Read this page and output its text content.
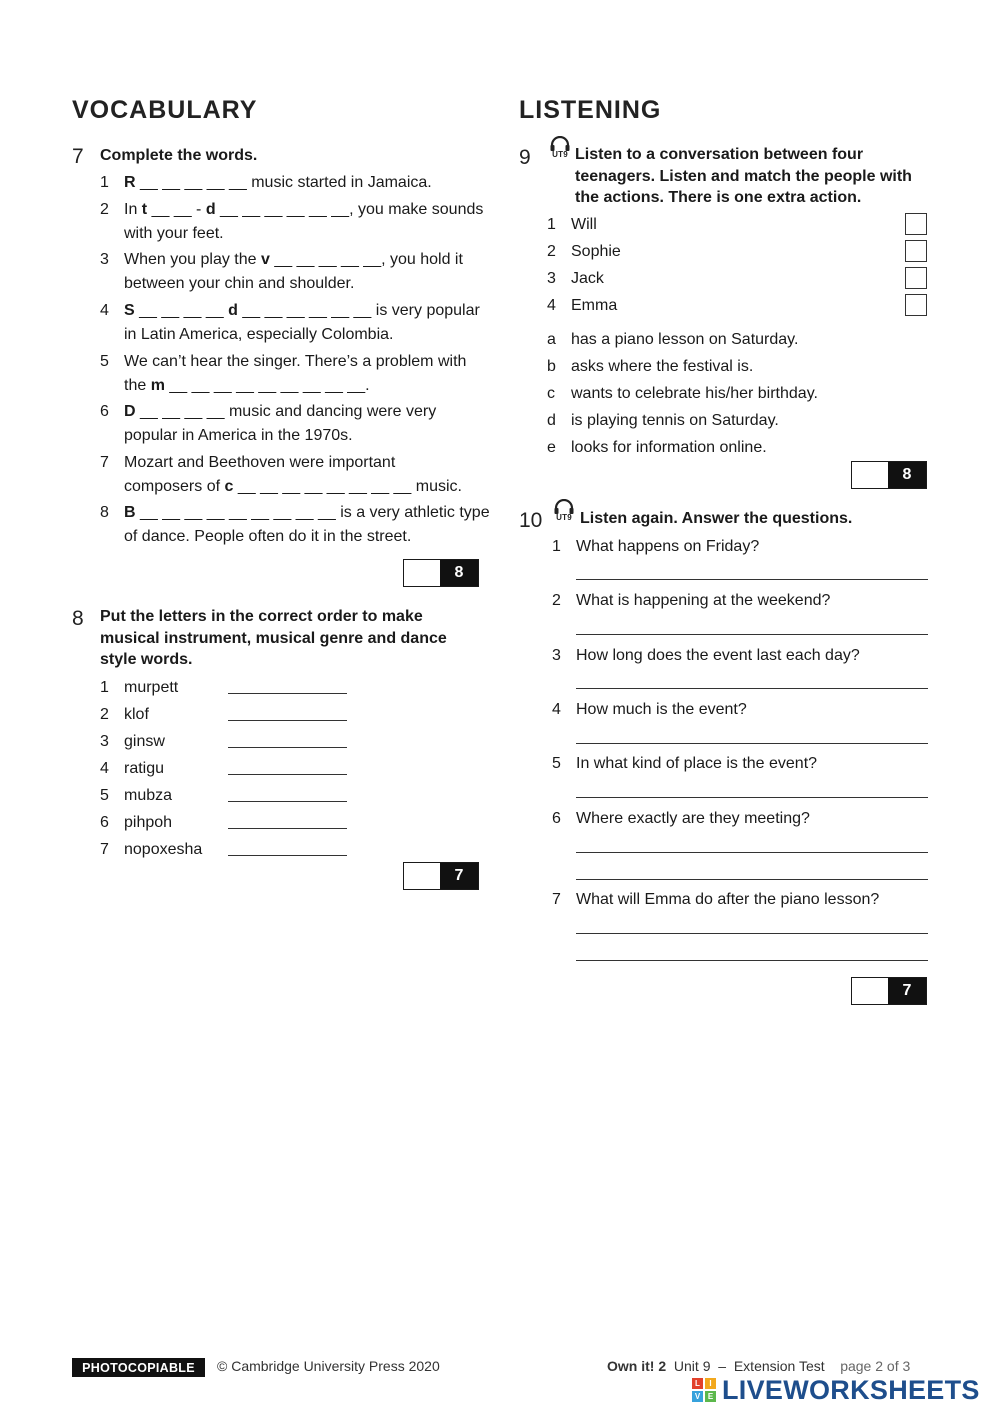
VOCABULARY
7 Complete the words.
1 R __ __ __ __ __ music started in Jamaica.
2 In t __ __ - d __ __ __ __ __ __, you make sounds
with your feet.
3 When you play the v __ __ __ __ __, you hold it
between your chin and shoulder.
4 S __ __ __ __ d __ __ __ __ __ __ is very popular
in Latin America, especially Colombia.
5 We can’t hear the singer. There’s a problem with
the m __ __ __ __ __ __ __ __ __.
6 D __ __ __ __ music and dancing were very
popular in America in the 1970s.
7 Mozart and Beethoven were important
composers of c __ __ __ __ __ __ __ __ music.
8 B __ __ __ __ __ __ __ __ __ is a very athletic type
of dance. People often do it in the street.
8
8 Put the letters in the correct order to make
musical instrument, musical genre and dance
style words.
1 murpett
2 klof
3 ginsw
4 ratigu
5 mubza
6 pihpoh
7 nopoxesha
7
LISTENING
9	UT9 Listen to a conversation between four
teenagers. Listen and match the people with
the actions. There is one extra action.
1 Will
2 Sophie
3 Jack
4 Emma
a has a piano lesson on Saturday.
b asks where the festival is.
c	wants to celebrate his/her birthday.
d is playing tennis on Saturday.
e looks for information online.
8
10	UT9 Listen again. Answer the questions.
1 What happens on Friday?
2 What is happening at the weekend?
3 How long does the event last each day?
4 How much is the event?
5 In what kind of place is the event?
6 Where exactly are they meeting?
7 What will Emma do after the piano lesson?
7
PHOTOCOPIABLE	© Cambridge University Press 2020	Own it! 2 Unit 9 – Extension Test page 2 of 3
L	I
V E LIVEWORKSHEETS
